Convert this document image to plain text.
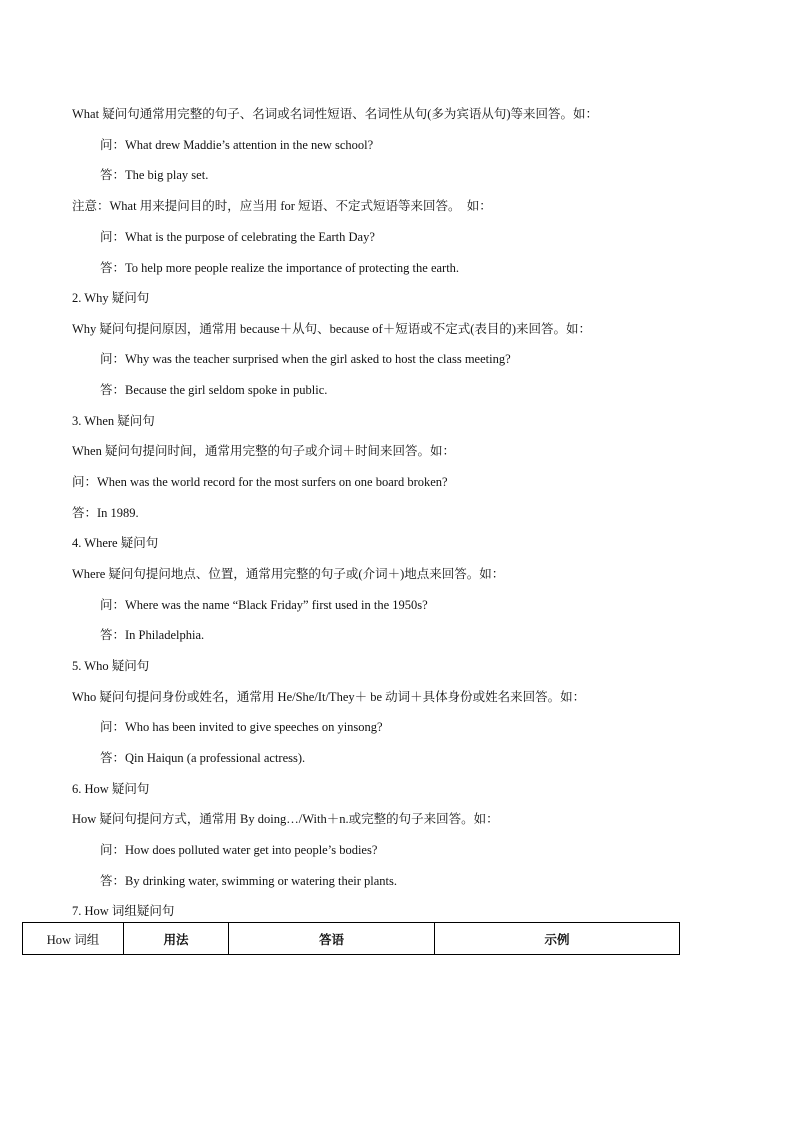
What 疑问句通常用完整的句子、名词或名词性短语、名词性从句(多为宾语从句)等来回答。如：
问：What drew Maddie’s attention in the new school?
答：The big play set.
注意：What 用来提问目的时，应当用 for 短语、不定式短语等来回答。　如：
问：What is the purpose of celebrating the Earth Day?
答：To help more people realize the importance of protecting the earth.
2. Why 疑问句
Why 疑问句提问原因，通常用 because＋从句、because of＋短语或不定式(表目的)来回答。如：
问：Why was the teacher surprised when the girl asked to host the class meeting?
答：Because the girl seldom spoke in public.
3. When 疑问句
When 疑问句提问时间，通常用完整的句子或介词＋时间来回答。如：
问：When was the world record for the most surfers on one board broken?
答：In 1989.
4. Where 疑问句
Where 疑问句提问地点、位置，通常用完整的句子或(介词＋)地点来回答。如：
问：Where was the name “Black Friday” first used in the 1950s?
答：In Philadelphia.
5. Who 疑问句
Who 疑问句提问身份或姓名，通常用 He/She/It/They＋ be 动词＋具体身份或姓名来回答。如：
问：Who has been invited to give speeches on yinsong?
答：Qin Haiqun (a professional actress).
6. How 疑问句
How 疑问句提问方式，通常用 By doing…/With＋n.或完整的句子来回答。如：
问：How does polluted water get into people’s bodies?
答：By drinking water, swimming or watering their plants.
7. How 词组疑问句
How 词组	用法	答语	示例
